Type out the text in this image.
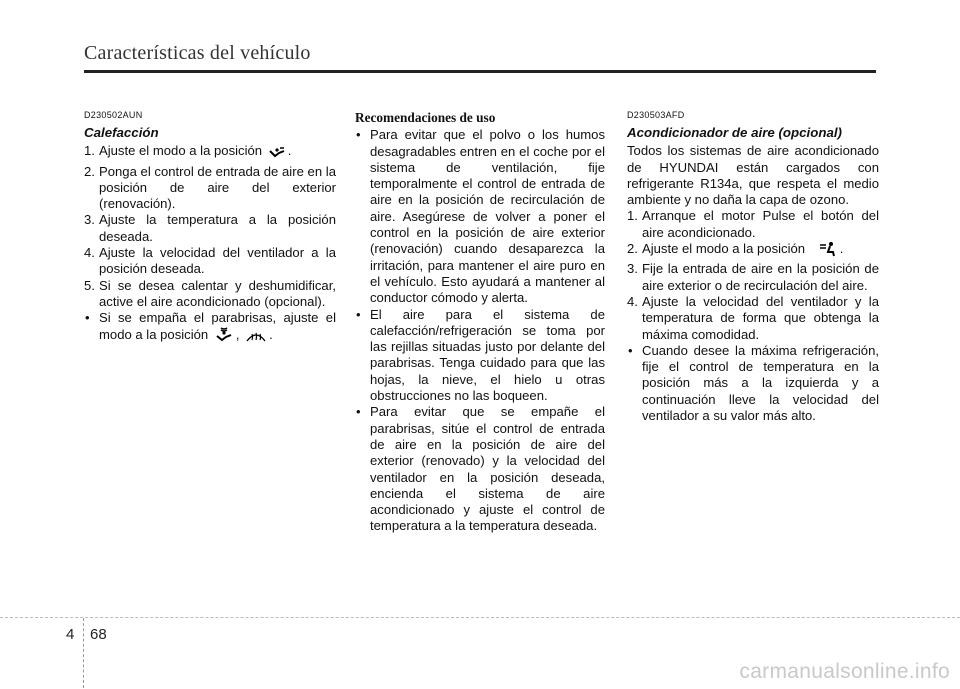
Características del vehículo

D230502AUN

Calefacción

1. Ajuste el modo a la posición .
2. Ponga el control de entrada de aire en la posición de aire del exterior (renovación).
3. Ajuste la temperatura a la posición deseada.
4. Ajuste la velocidad del ventilador a la posición deseada.
5. Si se desea calentar y deshumidificar, active el aire acondicionado (opcional).
• Si se empaña el parabrisas, ajuste el modo a la posición , .

Recomendaciones de uso

• Para evitar que el polvo o los humos desagradables entren en el coche por el sistema de ventilación, fije temporalmente el control de entrada de aire en la posición de recirculación de aire. Asegúrese de volver a poner el control en la posición de aire exterior (renovación) cuando desaparezca la irritación, para mantener el aire puro en el vehículo. Esto ayudará a mantener al conductor cómodo y alerta.
• El aire para el sistema de calefacción/refrigeración se toma por las rejillas situadas justo por delante del parabrisas. Tenga cuidado para que las hojas, la nieve, el hielo u otras obstrucciones no las boqueen.
• Para evitar que se empañe el parabrisas, sitúe el control de entrada de aire en la posición de aire del exterior (renovado) y la velocidad del ventilador en la posición deseada, encienda el sistema de aire acondicionado y ajuste el control de temperatura a la temperatura deseada.

D230503AFD

Acondicionador de aire (opcional)

Todos los sistemas de aire acondicionado de HYUNDAI están cargados con refrigerante R134a, que respeta el medio ambiente y no daña la capa de ozono.

1. Arranque el motor Pulse el botón del aire acondicionado.
2. Ajuste el modo a la posición	.
3. Fije la entrada de aire en la posición de aire exterior o de recirculación del aire.
4. Ajuste la velocidad del ventilador y la temperatura de forma que obtenga la máxima comodidad.
• Cuando desee la máxima refrigeración, fije el control de temperatura en la posición más a la izquierda y a continuación lleve la velocidad del ventilador a su valor más alto.
4 68
carmanualsonline.info
